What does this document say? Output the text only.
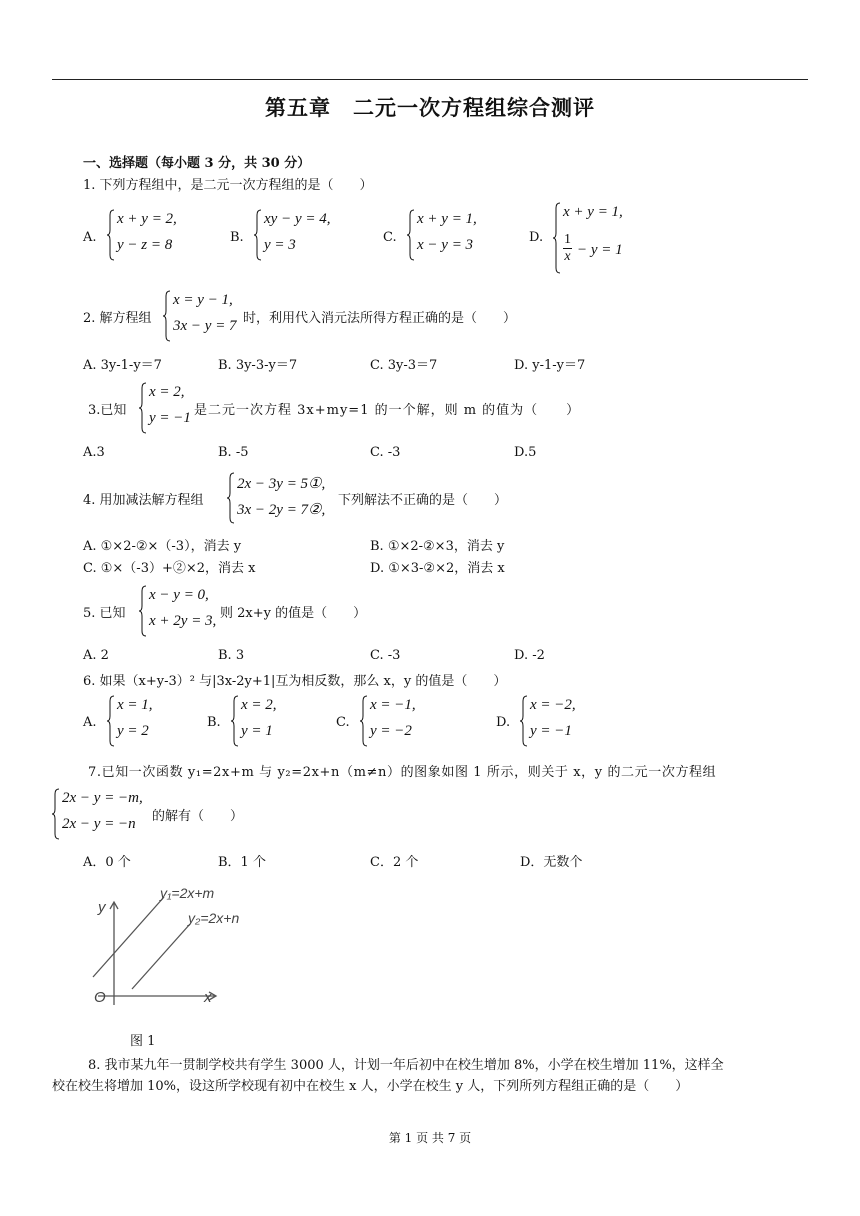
第五章　二元一次方程组综合测评
一、选择题（每小题 3 分，共 30 分）
1. 下列方程组中，是二元一次方程组的是（　　）
A.
x + y = 2,
y − z = 8	B.
xy − y = 4,
y = 3	C.
x + y = 1,
x − y = 3	D.
x + y = 1,
1
x − y = 1
2. 解方程组
x = y − 1,
3x − y = 7 时，利用代入消元法所得方程正确的是（　　）
A. 3y-1-y＝7	B. 3y-3-y＝7	C. 3y-3＝7	D. y-1-y＝7
3.已知
x = 2,
y = −1 是二元一次方程 3x+my=1 的一个解，则 m 的值为（　　）
A.3	B. -5	C. -3	D.5
4. 用加减法解方程组
2x − 3y = 5①,
3x − 2y = 7②,
下列解法不正确的是（　　）
A. ①×2-②×（-3），消去 y	B. ①×2-②×3，消去 y
C. ①×（-3）+②×2，消去 x	D. ①×3-②×2，消去 x
5. 已知
x − y = 0,
x + 2y = 3, 则 2x+y 的值是（　　）
A. 2	B. 3	C. -3	D. -2
6. 如果（x+y-3）² 与|3x-2y+1|互为相反数，那么 x，y 的值是（　　）
A.
x = 1,
y = 2
B.
x = 2,
y = 1
C.
x = −1,
y = −2
D.
x = −2,
y = −1
7.已知一次函数 y₁=2x+m 与 y₂=2x+n（m≠n）的图象如图 1 所示，则关于 x，y 的二元一次方程组
2x − y = −m,
2x − y = −n 的解有（　　）
A．0 个	B．1 个	C．2 个	D．无数个
y₁=2x+m
y₂=2x+n
y
x
O
图 1
8. 我市某九年一贯制学校共有学生 3000 人，计划一年后初中在校生增加 8%，小学在校生增加 11%，这样全
校在校生将增加 10%，设这所学校现有初中在校生 x 人，小学在校生 y 人，下列所列方程组正确的是（　　）
第 1 页 共 7 页
